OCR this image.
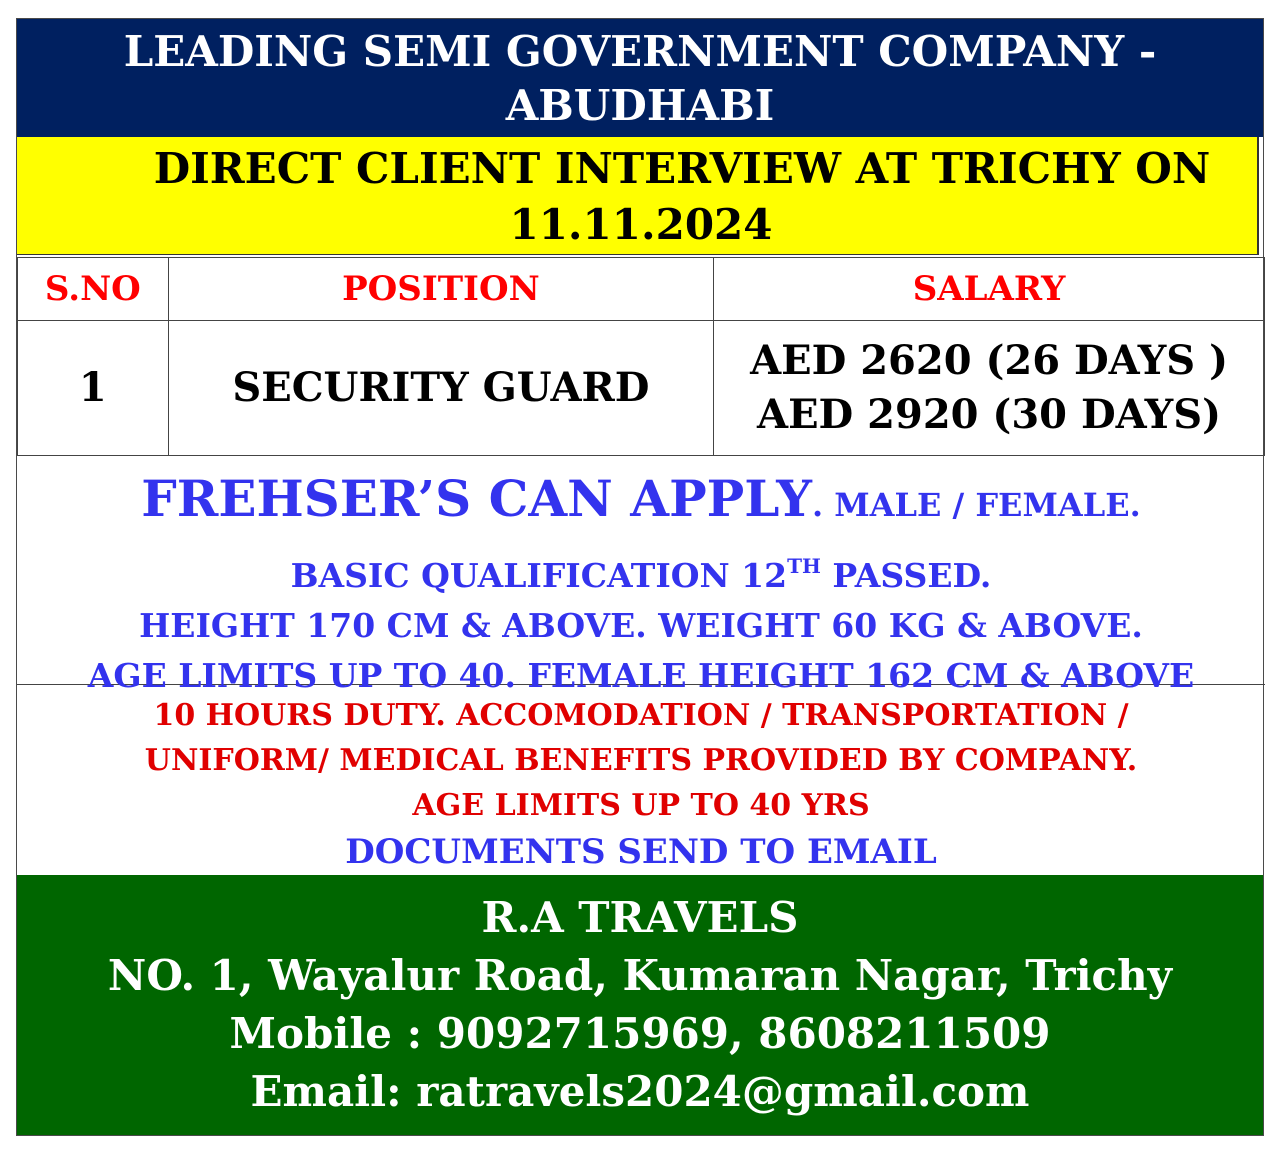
LEADING SEMI GOVERNMENT COMPANY -
ABUDHABI
DIRECT CLIENT INTERVIEW AT TRICHY ON
11.11.2024
S.NO	POSITION	SALARY
1	SECURITY GUARD	AED 2620 (26 DAYS )
AED 2920 (30 DAYS)
FREHSER’S CAN APPLY. MALE / FEMALE.
BASIC QUALIFICATION 12TH PASSED.
HEIGHT 170 CM & ABOVE. WEIGHT 60 KG & ABOVE.
AGE LIMITS UP TO 40. FEMALE HEIGHT 162 CM & ABOVE
10 HOURS DUTY. ACCOMODATION / TRANSPORTATION /
UNIFORM/ MEDICAL BENEFITS PROVIDED BY COMPANY.
AGE LIMITS UP TO 40 YRS
DOCUMENTS SEND TO EMAIL
R.A TRAVELS
NO. 1, Wayalur Road, Kumaran Nagar, Trichy
Mobile : 9092715969, 8608211509
Email: ratravels2024@gmail.com
